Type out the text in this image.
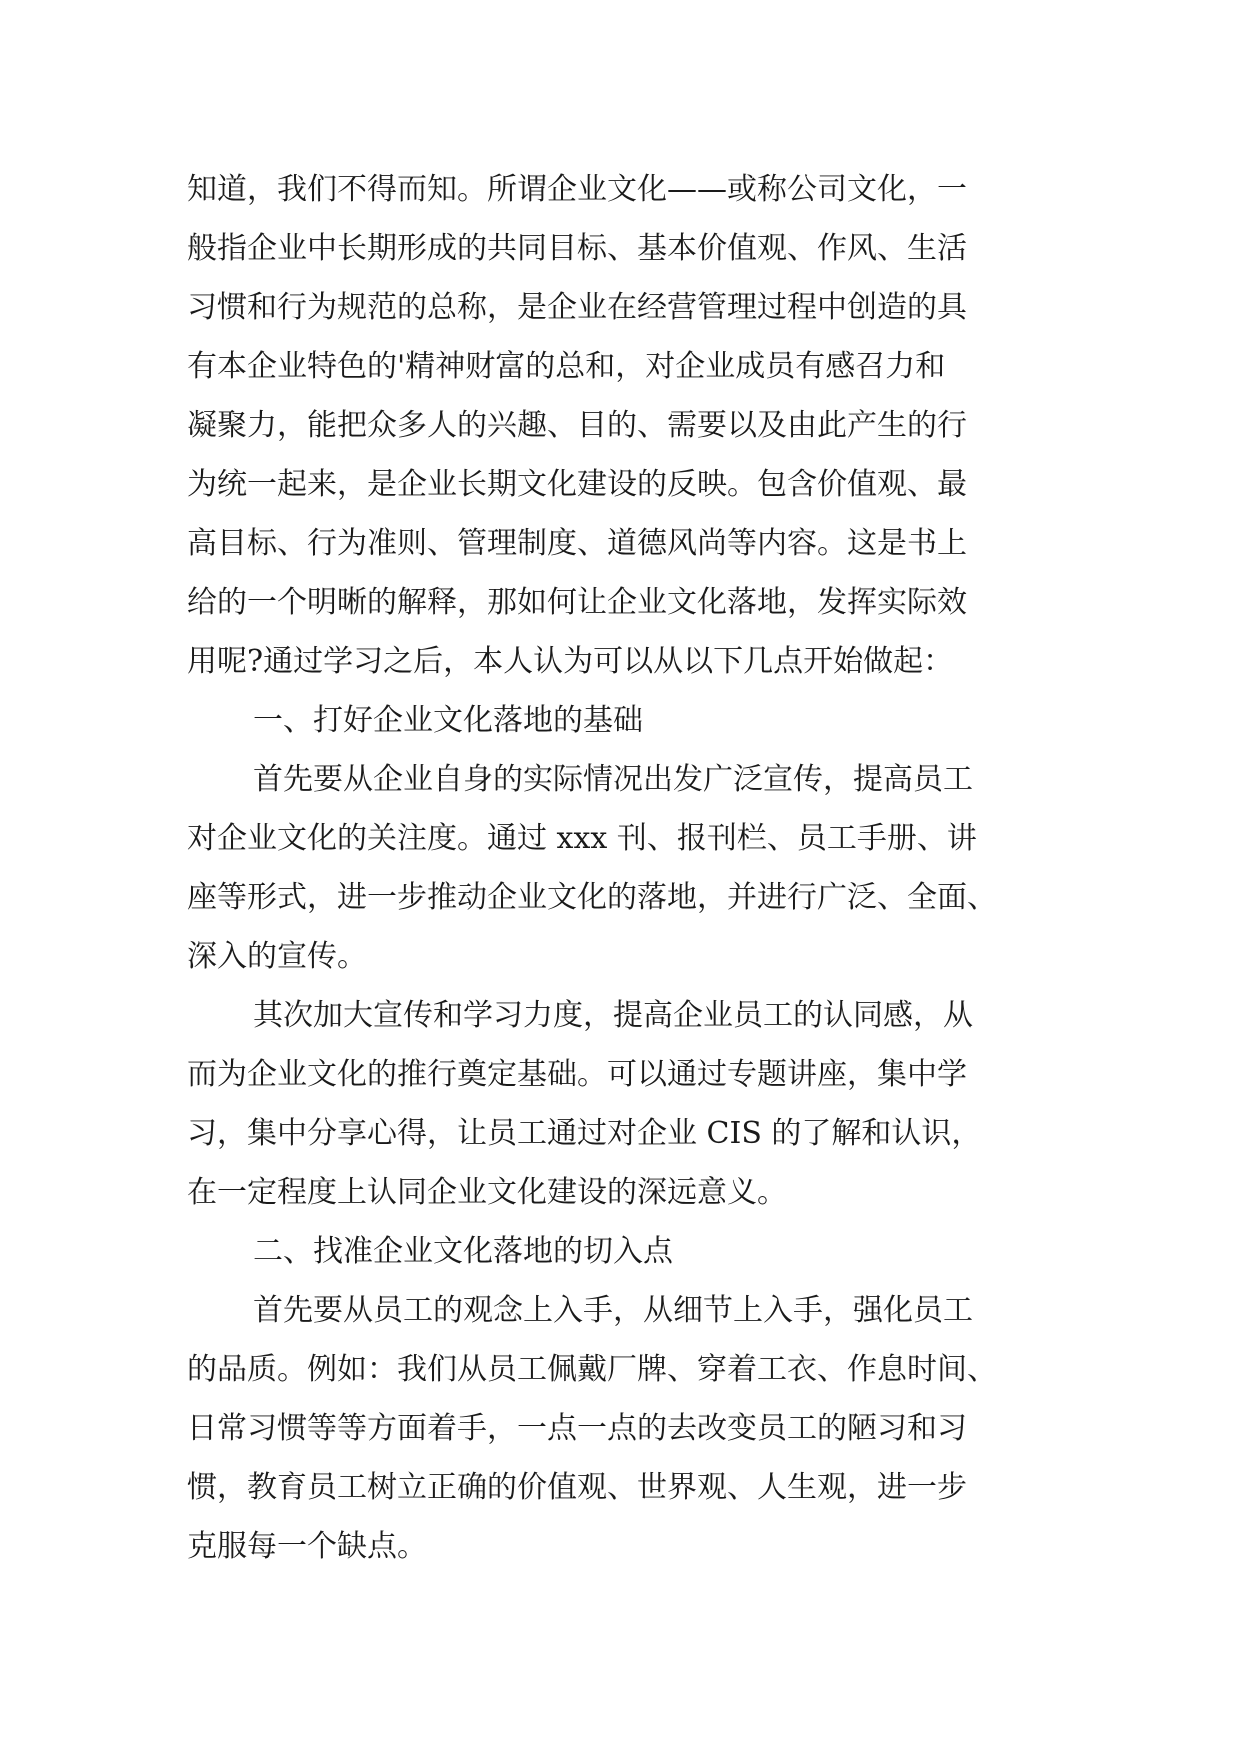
知道，我们不得而知。所谓企业文化——或称公司文化，一
般指企业中长期形成的共同目标、基本价值观、作风、生活
习惯和行为规范的总称，是企业在经营管理过程中创造的具
有本企业特色的'精神财富的总和，对企业成员有感召力和
凝聚力，能把众多人的兴趣、目的、需要以及由此产生的行
为统一起来，是企业长期文化建设的反映。包含价值观、最
高目标、行为准则、管理制度、道德风尚等内容。这是书上
给的一个明晰的解释，那如何让企业文化落地，发挥实际效
用呢?通过学习之后，本人认为可以从以下几点开始做起：
一、打好企业文化落地的基础
首先要从企业自身的实际情况出发广泛宣传，提高员工
对企业文化的关注度。通过 xxx 刊、报刊栏、员工手册、讲
座等形式，进一步推动企业文化的落地，并进行广泛、全面、
深入的宣传。
其次加大宣传和学习力度，提高企业员工的认同感，从
而为企业文化的推行奠定基础。可以通过专题讲座，集中学
习，集中分享心得，让员工通过对企业 CIS 的了解和认识，
在一定程度上认同企业文化建设的深远意义。
二、找准企业文化落地的切入点
首先要从员工的观念上入手，从细节上入手，强化员工
的品质。例如：我们从员工佩戴厂牌、穿着工衣、作息时间、
日常习惯等等方面着手，一点一点的去改变员工的陋习和习
惯，教育员工树立正确的价值观、世界观、人生观，进一步
克服每一个缺点。
